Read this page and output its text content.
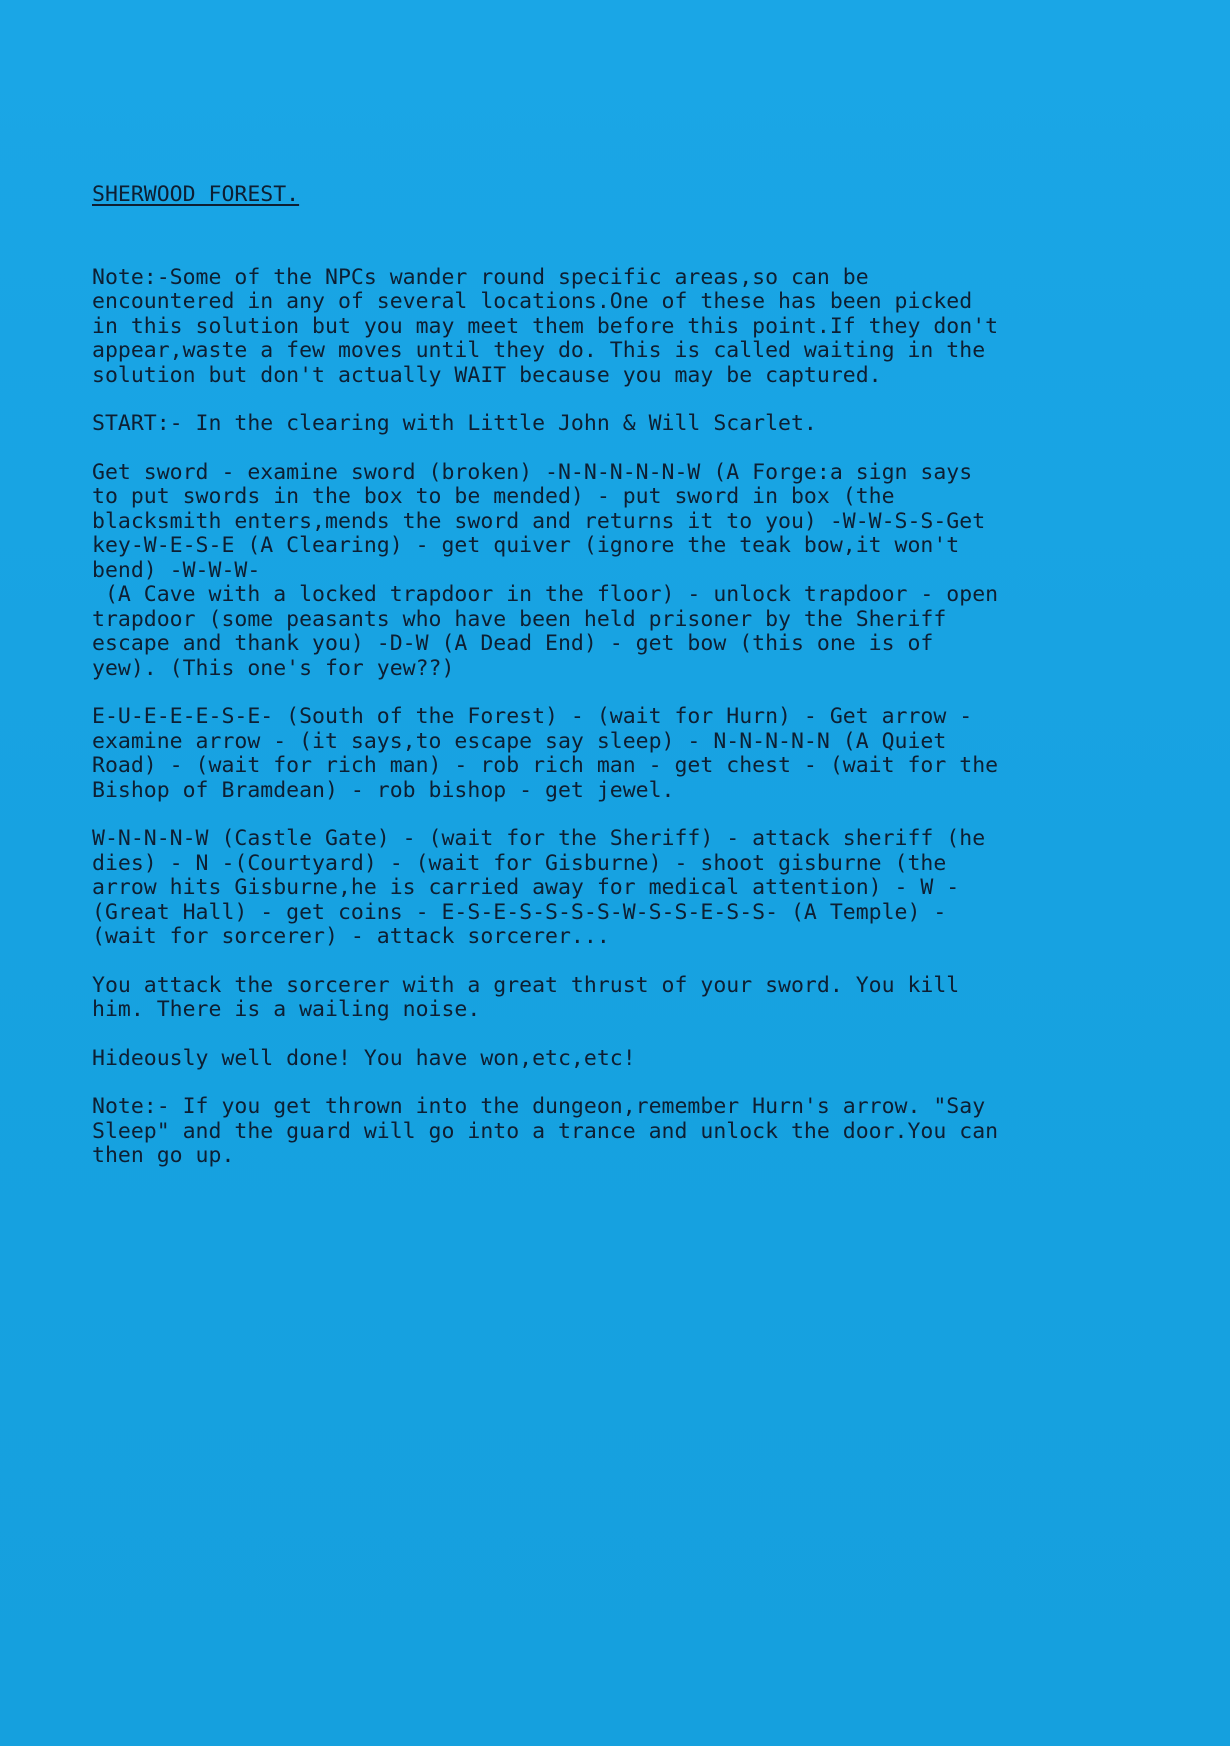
SHERWOOD FOREST.
Note:-Some of the NPCs wander round specific areas,so can be
encountered in any of several locations.One of these has been picked
in this solution but you may meet them before this point.If they don't
appear,waste a few moves until they do. This is called waiting in the
solution but don't actually WAIT because you may be captured.
START:- In the clearing with Little John & Will Scarlet.
Get sword - examine sword (broken) -N-N-N-N-N-W (A Forge:a sign says
to put swords in the box to be mended) - put sword in box (the
blacksmith enters,mends the sword and returns it to you) -W-W-S-S-Get
key-W-E-S-E (A Clearing) - get quiver (ignore the teak bow,it won't
bend) -W-W-W-
(A Cave with a locked trapdoor in the floor) - unlock trapdoor - open
trapdoor (some peasants who have been held prisoner by the Sheriff
escape and thank you) -D-W (A Dead End) - get bow (this one is of
yew). (This one's for yew??)
E-U-E-E-E-S-E- (South of the Forest) - (wait for Hurn) - Get arrow -
examine arrow - (it says,to escape say sleep) - N-N-N-N-N (A Quiet
Road) - (wait for rich man) - rob rich man - get chest - (wait for the
Bishop of Bramdean) - rob bishop - get jewel.
W-N-N-N-W (Castle Gate) - (wait for the Sheriff) - attack sheriff (he
dies) - N -(Courtyard) - (wait for Gisburne) - shoot gisburne (the
arrow hits Gisburne,he is carried away for medical attention) - W -
(Great Hall) - get coins - E-S-E-S-S-S-S-W-S-S-E-S-S- (A Temple) -
(wait for sorcerer) - attack sorcerer...
You attack the sorcerer with a great thrust of your sword. You kill
him. There is a wailing noise.
Hideously well done! You have won,etc,etc!
Note:- If you get thrown into the dungeon,remember Hurn's arrow. "Say
Sleep" and the guard will go into a trance and unlock the door.You can
then go up.
